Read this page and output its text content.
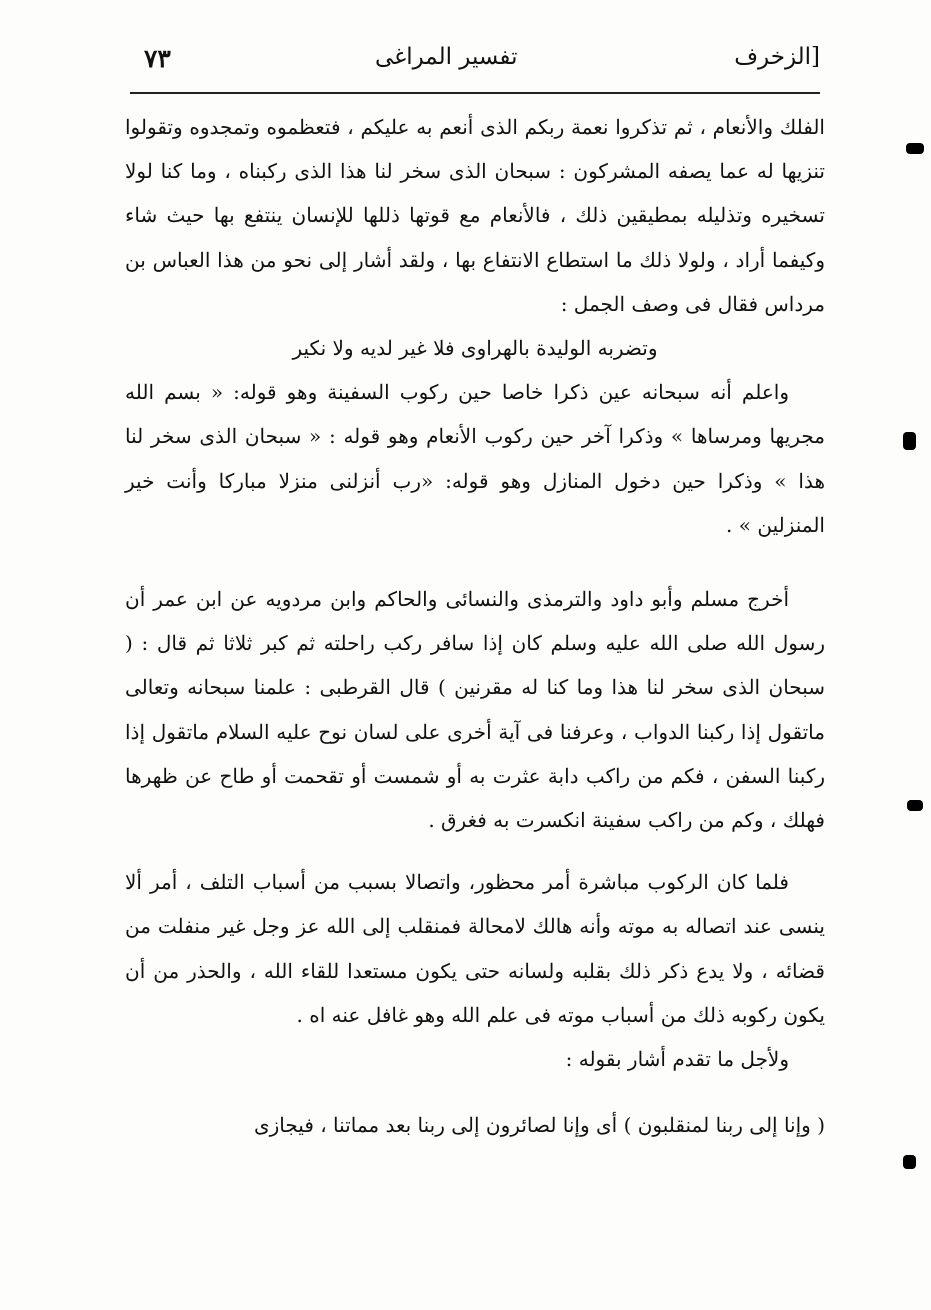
[الزخرف
تفسير المراغى
٧٣

الفلك والأنعام ، ثم تذكروا نعمة ربكم الذى أنعم به عليكم ، فتعظموه وتمجدوه وتقولوا تنزيها له عما يصفه المشركون : سبحان الذى سخر لنا هذا الذى ركبناه ، وما كنا لولا تسخيره وتذليله بمطيقين ذلك ، فالأنعام مع قوتها ذللها للإنسان ينتفع بها حيث شاء وكيفما أراد ، ولولا ذلك ما استطاع الانتفاع بها ، ولقد أشار إلى نحو من هذا العباس بن مرداس فقال فى وصف الجمل :

وتضربه الوليدة بالهراوى فلا غير لديه ولا نكير

واعلم أنه سبحانه عين ذكرا خاصا حين ركوب السفينة وهو قوله: « بسم الله مجريها ومرساها » وذكرا آخر حين ركوب الأنعام وهو قوله : « سبحان الذى سخر لنا هذا » وذكرا حين دخول المنازل وهو قوله: «رب أنزلنى منزلا مباركا وأنت خير المنزلين » .

أخرج مسلم وأبو داود والترمذى والنسائى والحاكم وابن مردويه عن ابن عمر أن رسول الله صلى الله عليه وسلم كان إذا سافر ركب راحلته ثم كبر ثلاثا ثم قال : ( سبحان الذى سخر لنا هذا وما كنا له مقرنين ) قال القرطبى : علمنا سبحانه وتعالى ماتقول إذا ركبنا الدواب ، وعرفنا فى آية أخرى على لسان نوح عليه السلام ماتقول إذا ركبنا السفن ، فكم من راكب دابة عثرت به أو شمست أو تقحمت أو طاح عن ظهرها فهلك ، وكم من راكب سفينة انكسرت به فغرق .

فلما كان الركوب مباشرة أمر محظور، واتصالا بسبب من أسباب التلف ، أمر ألا ينسى عند اتصاله به موته وأنه هالك لامحالة فمنقلب إلى الله عز وجل غير منفلت من قضائه ، ولا يدع ذكر ذلك بقلبه ولسانه حتى يكون مستعدا للقاء الله ، والحذر من أن يكون ركوبه ذلك من أسباب موته فى علم الله وهو غافل عنه اه .

ولأجل ما تقدم أشار بقوله :

( وإنا إلى ربنا لمنقلبون ) أى وإنا لصائرون إلى ربنا بعد مماتنا ، فيجازى
